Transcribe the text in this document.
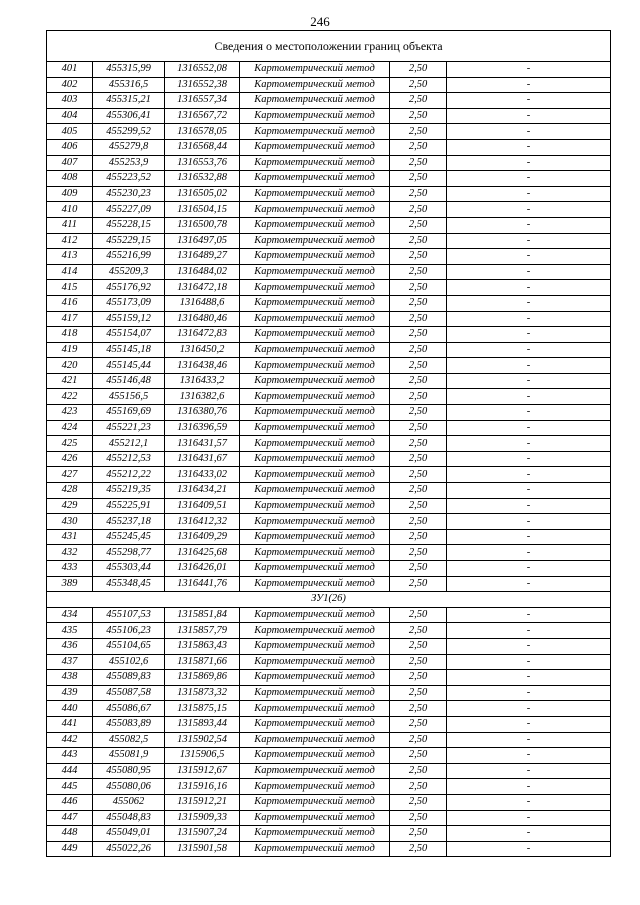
246
Сведения о местоположении границ объекта					
401	455315,99	1316552,08	Картометрический метод	2,50	-
402	455316,5	1316552,38	Картометрический метод	2,50	-
403	455315,21	1316557,34	Картометрический метод	2,50	-
404	455306,41	1316567,72	Картометрический метод	2,50	-
405	455299,52	1316578,05	Картометрический метод	2,50	-
406	455279,8	1316568,44	Картометрический метод	2,50	-
407	455253,9	1316553,76	Картометрический метод	2,50	-
408	455223,52	1316532,88	Картометрический метод	2,50	-
409	455230,23	1316505,02	Картометрический метод	2,50	-
410	455227,09	1316504,15	Картометрический метод	2,50	-
411	455228,15	1316500,78	Картометрический метод	2,50	-
412	455229,15	1316497,05	Картометрический метод	2,50	-
413	455216,99	1316489,27	Картометрический метод	2,50	-
414	455209,3	1316484,02	Картометрический метод	2,50	-
415	455176,92	1316472,18	Картометрический метод	2,50	-
416	455173,09	1316488,6	Картометрический метод	2,50	-
417	455159,12	1316480,46	Картометрический метод	2,50	-
418	455154,07	1316472,83	Картометрический метод	2,50	-
419	455145,18	1316450,2	Картометрический метод	2,50	-
420	455145,44	1316438,46	Картометрический метод	2,50	-
421	455146,48	1316433,2	Картометрический метод	2,50	-
422	455156,5	1316382,6	Картометрический метод	2,50	-
423	455169,69	1316380,76	Картометрический метод	2,50	-
424	455221,23	1316396,59	Картометрический метод	2,50	-
425	455212,1	1316431,57	Картометрический метод	2,50	-
426	455212,53	1316431,67	Картометрический метод	2,50	-
427	455212,22	1316433,02	Картометрический метод	2,50	-
428	455219,35	1316434,21	Картометрический метод	2,50	-
429	455225,91	1316409,51	Картометрический метод	2,50	-
430	455237,18	1316412,32	Картометрический метод	2,50	-
431	455245,45	1316409,29	Картометрический метод	2,50	-
432	455298,77	1316425,68	Картометрический метод	2,50	-
433	455303,44	1316426,01	Картометрический метод	2,50	-
389	455348,45	1316441,76	Картометрический метод	2,50	-
ЗУ1(26)					
434	455107,53	1315851,84	Картометрический метод	2,50	-
435	455106,23	1315857,79	Картометрический метод	2,50	-
436	455104,65	1315863,43	Картометрический метод	2,50	-
437	455102,6	1315871,66	Картометрический метод	2,50	-
438	455089,83	1315869,86	Картометрический метод	2,50	-
439	455087,58	1315873,32	Картометрический метод	2,50	-
440	455086,67	1315875,15	Картометрический метод	2,50	-
441	455083,89	1315893,44	Картометрический метод	2,50	-
442	455082,5	1315902,54	Картометрический метод	2,50	-
443	455081,9	1315906,5	Картометрический метод	2,50	-
444	455080,95	1315912,67	Картометрический метод	2,50	-
445	455080,06	1315916,16	Картометрический метод	2,50	-
446	455062	1315912,21	Картометрический метод	2,50	-
447	455048,83	1315909,33	Картометрический метод	2,50	-
448	455049,01	1315907,24	Картометрический метод	2,50	-
449	455022,26	1315901,58	Картометрический метод	2,50	-
